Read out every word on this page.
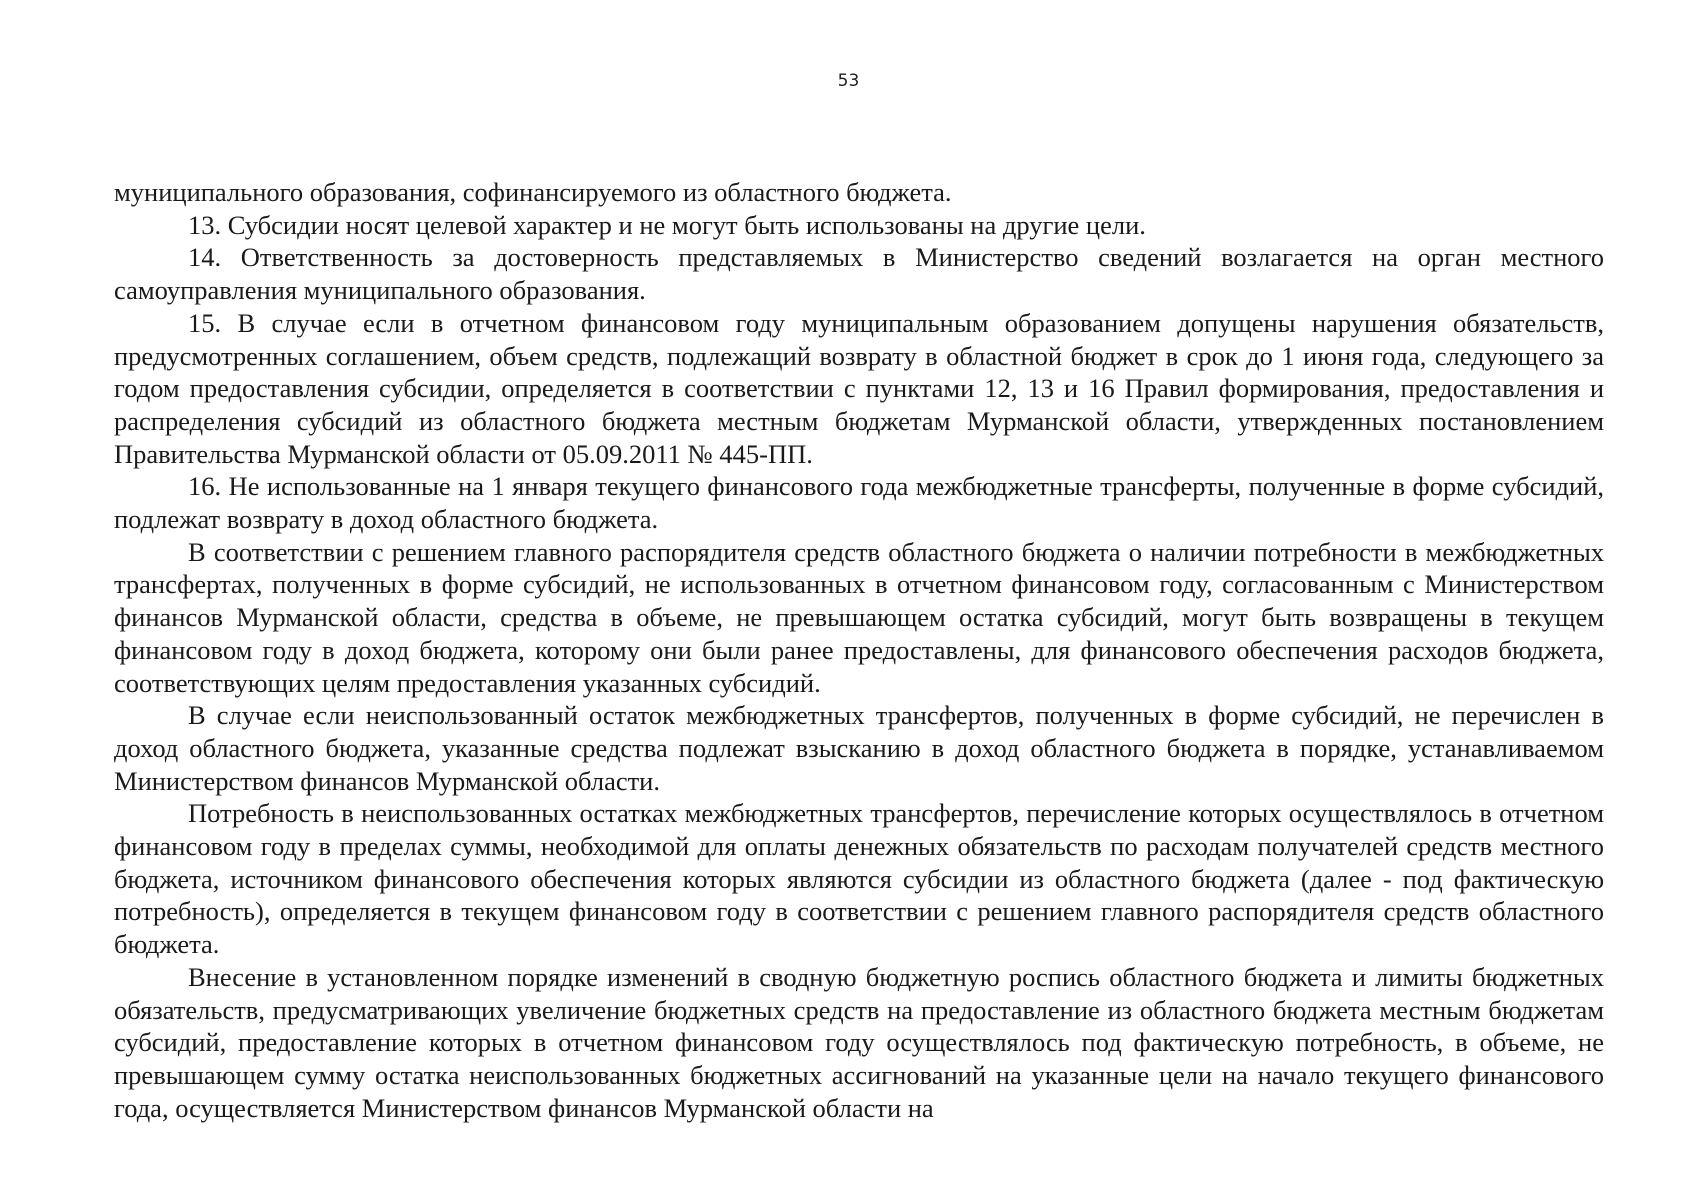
53

муниципального образования, софинансируемого из областного бюджета.

13. Субсидии носят целевой характер и не могут быть использованы на другие цели.

14. Ответственность за достоверность представляемых в Министерство сведений возлагается на орган местного самоуправления муниципального образования.

15. В случае если в отчетном финансовом году муниципальным образованием допущены нарушения обязательств, предусмотренных соглашением, объем средств, подлежащий возврату в областной бюджет в срок до 1 июня года, следующего за годом предоставления субсидии, определяется в соответствии с пунктами 12, 13 и 16 Правил формирования, предоставления и распределения субсидий из областного бюджета местным бюджетам Мурманской области, утвержденных постановлением Правительства Мурманской области от 05.09.2011 № 445-ПП.

16. Не использованные на 1 января текущего финансового года межбюджетные трансферты, полученные в форме субсидий, подлежат возврату в доход областного бюджета.

В соответствии с решением главного распорядителя средств областного бюджета о наличии потребности в межбюджетных трансфертах, полученных в форме субсидий, не использованных в отчетном финансовом году, согласованным с Министерством финансов Мурманской области, средства в объеме, не превышающем остатка субсидий, могут быть возвращены в текущем финансовом году в доход бюджета, которому они были ранее предоставлены, для финансового обеспечения расходов бюджета, соответствующих целям предоставления указанных субсидий.

В случае если неиспользованный остаток межбюджетных трансфертов, полученных в форме субсидий, не перечислен в доход областного бюджета, указанные средства подлежат взысканию в доход областного бюджета в порядке, устанавливаемом Министерством финансов Мурманской области.

Потребность в неиспользованных остатках межбюджетных трансфертов, перечисление которых осуществлялось в отчетном финансовом году в пределах суммы, необходимой для оплаты денежных обязательств по расходам получателей средств местного бюджета, источником финансового обеспечения которых являются субсидии из областного бюджета (далее - под фактическую потребность), определяется в текущем финансовом году в соответствии с решением главного распорядителя средств областного бюджета.

Внесение в установленном порядке изменений в сводную бюджетную роспись областного бюджета и лимиты бюджетных обязательств, предусматривающих увеличение бюджетных средств на предоставление из областного бюджета местным бюджетам субсидий, предоставление которых в отчетном финансовом году осуществлялось под фактическую потребность, в объеме, не превышающем сумму остатка неиспользованных бюджетных ассигнований на указанные цели на начало текущего финансового года, осуществляется Министерством финансов Мурманской области на
